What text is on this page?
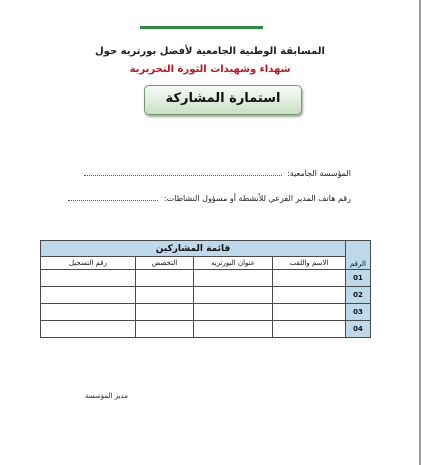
المسابقة الوطنية الجامعية لأفضل بورتريه حول
شهداء وشهيدات الثورة التحريرية
استمارة المشاركة
المؤسسة الجامعية:
رقم هاتف المدير الفرعي للأنشطة أو مسؤول النشاطات:
الرقم	قائمة المشاركين			
	الاسم واللقب	عنوان البورتريه	التخصص	رقم التسجيل
01				
02				
03				
04				
مدير المؤسسة
